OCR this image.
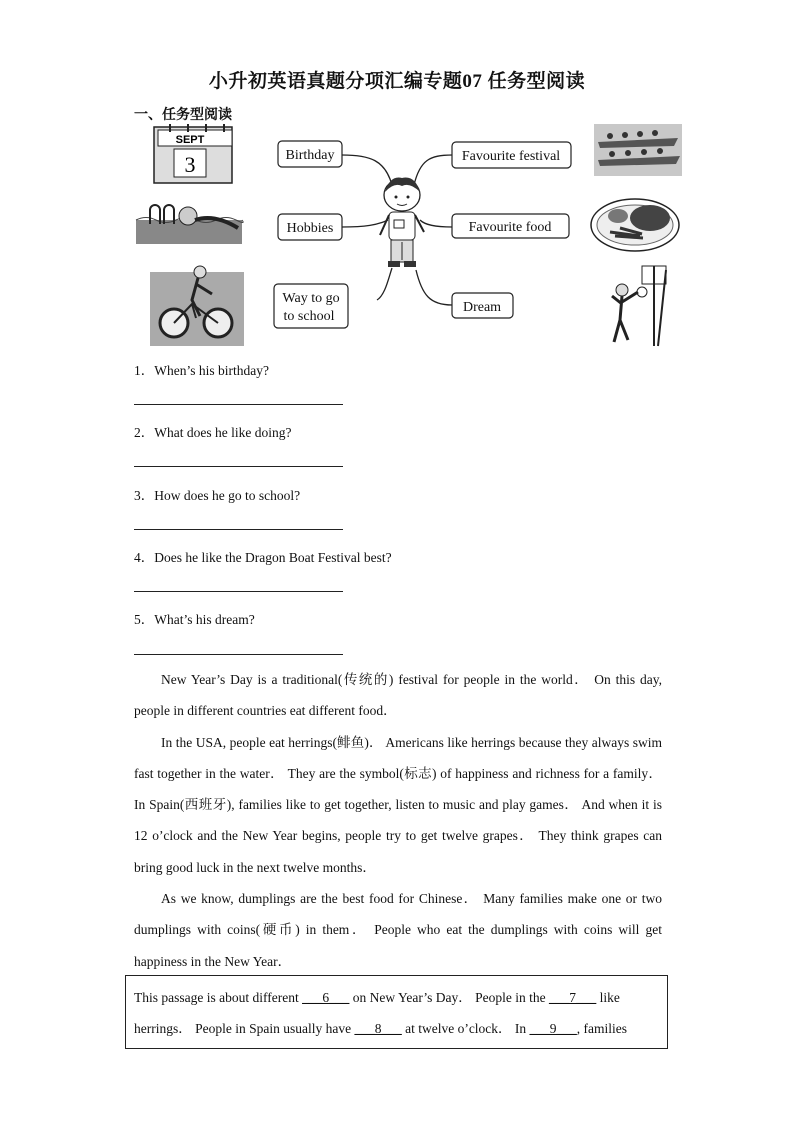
小升初英语真题分项汇编专题07 任务型阅读
一、任务型阅读
SEPT
3	Birthday
Hobbies
Way to go
to school
Favourite festival
Favourite food
Dream
1．When’s his birthday?
2．What does he like doing?
3．How does he go to school?
4．Does he like the Dragon Boat Festival best?
5．What’s his dream?

New Year’s Day is a traditional(传统的) festival for people in the world． On this day, people in different countries eat different food．

In the USA, people eat herrings(鲱鱼)． Americans like herrings because they always swim fast together in the water． They are the symbol(标志) of happiness and richness for a family． In Spain(西班牙), families like to get together, listen to music and play games． And when it is 12 o’clock and the New Year begins, people try to get twelve grapes． They think grapes can bring good luck in the next twelve months．

As we know, dumplings are the best food for Chinese． Many families make one or two dumplings with coins(硬币) in them． People who eat the dumplings with coins will get happiness in the New Year．

This passage is about different ___6___ on New Year’s Day． People in the ___7___ like herrings． People in Spain usually have ___8___ at twelve o’clock． In ___9___, families
